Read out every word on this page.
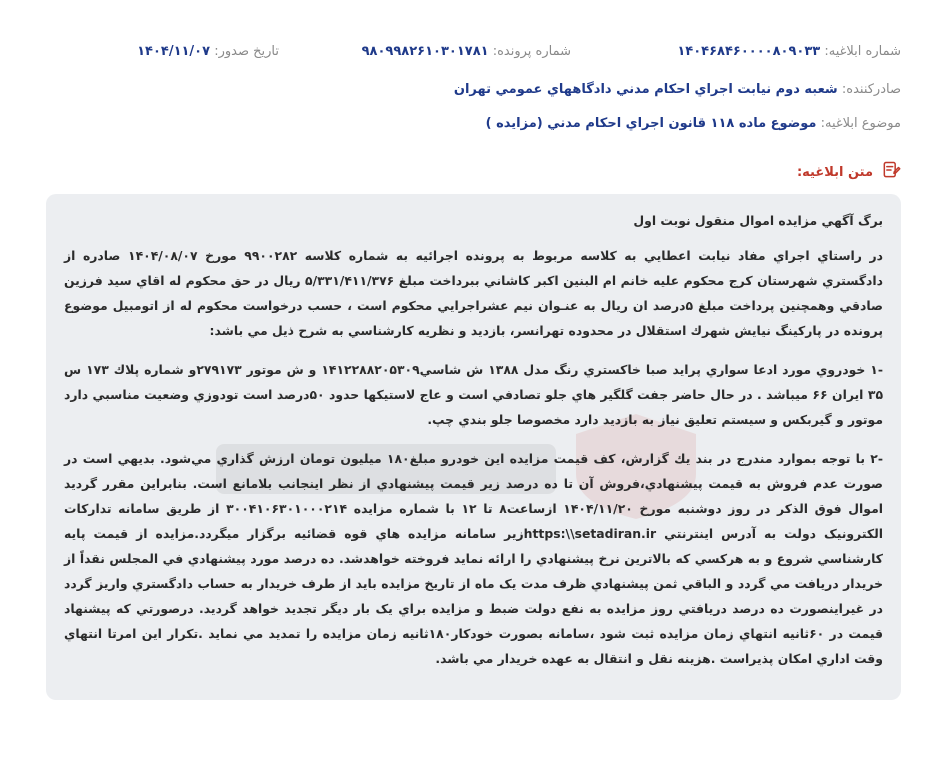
شماره ابلاغیه: ۱۴۰۴۶۸۴۶۰۰۰۰۸۰۹۰۳۳
شماره پرونده: ۹۸۰۹۹۸۲۶۱۰۳۰۱۷۸۱
تاريخ صدور: ۱۴۰۴/۱۱/۰۷
صادرکننده: شعبه دوم نيابت اجراي احكام مدني دادگاههاي عمومي تهران
موضوع ابلاغیه: موضوع ماده ۱۱۸ قانون اجراي احکام مدني (مزايده )
متن ابلاغیه:

برگ آگهي مزايده اموال منقول نوبت اول

در راستاي اجراي مفاد نيابت اعطايي به كلاسه مربوط به پرونده اجرائيه به شماره كلاسه ۹۹۰۰۲۸۲ مورخ ۱۴۰۴/۰۸/۰۷ صادره از دادگستري شهرستان کرج محكوم عليه خانم ام البنين اكبر كاشاني ببرداخت مبلغ ۵/۳۳۱/۴۱۱/۳۷۶ ريال در حق محكوم له اقاي سيد فرزين صادقي وهمچنين پرداخت مبلغ ۵درصد ان ريال به عنـوان نيم عشراجرايي محكوم است ، حسب درخواست محكوم له از اتومبيل موضوع پرونده در پاركينگ نيايش شهرك استقلال در محدوده تهرانسر، بازديد و نظريه كارشناسي به شرح ذيل مي باشد:

-۱ خودروي مورد ادعا سواري پرايد صبا خاكستري رنگ مدل ۱۳۸۸ ش شاسي۱۴۱۲۲۸۸۲۰۵۳۰۹ و ش موتور ۲۷۹۱۷۳و شماره پلاك ۱۷۳ س ۳۵ ايران ۶۶ ميباشد . در حال حاضر جفت گلگير هاي جلو تصادفي است و عاج لاستيكها حدود ۵۰درصد است تودوزي وضعيت مناسبي دارد موتور و گيربكس و سيستم تعليق نياز به بازديد دارد مخصوصا جلو بندي چپ.

-۲ با توجه بموارد مندرج در بند يك گزارش، كف قيمت مزايده اين خودرو مبلغ۱۸۰ ميليون تومان ارزش گذاري مي‌شود. بديهي است در صورت عدم فروش به قيمت پيشنهادي،فروش آن تا ده درصد زير قيمت پيشنهادي از نظر اينجانب بلامانع است. بنابراين مقرر گرديد اموال فوق الذکر در روز دوشنبه مورخ ۱۴۰۴/۱۱/۲۰ ازساعت۸ تا ۱۲ با شماره مزايده ۳۰۰۴۱۰۶۳۰۱۰۰۰۲۱۴ از طريق سامانه تدارکات الکترونيک دولت به آدرس اينترنتي https:\\setadiran.irزير سامانه مزايده هاي قوه قضائيه برگزار ميگردد.مزايده از قيمت پايه کارشناسي شروع و به هرکسي که بالاترين نرخ پيشنهادي را ارائه نمايد فروخته خواهدشد. ده درصد مورد پيشنهادي في المجلس نقداً از خريدار دريافت مي گردد و الباقي ثمن پيشنهادي ظرف مدت يک ماه از تاريخ مزايده بايد از طرف خريدار به حساب دادگستري واريز گردد در غيراينصورت ده درصد دريافتي روز مزايده به نفع دولت ضبط و مزايده براي يک بار ديگر تجديد خواهد گرديد. درصورتي که پيشنهاد قيمت در ۶۰ثانيه انتهاي زمان مزايده ثبت شود ،سامانه بصورت خودکار۱۸۰ثانيه زمان مزايده را تمديد مي نمايد .تکرار اين امرتا انتهاي وقت اداري امکان پذيراست .هزينه نقل و انتقال به عهده خريدار مي باشد.
